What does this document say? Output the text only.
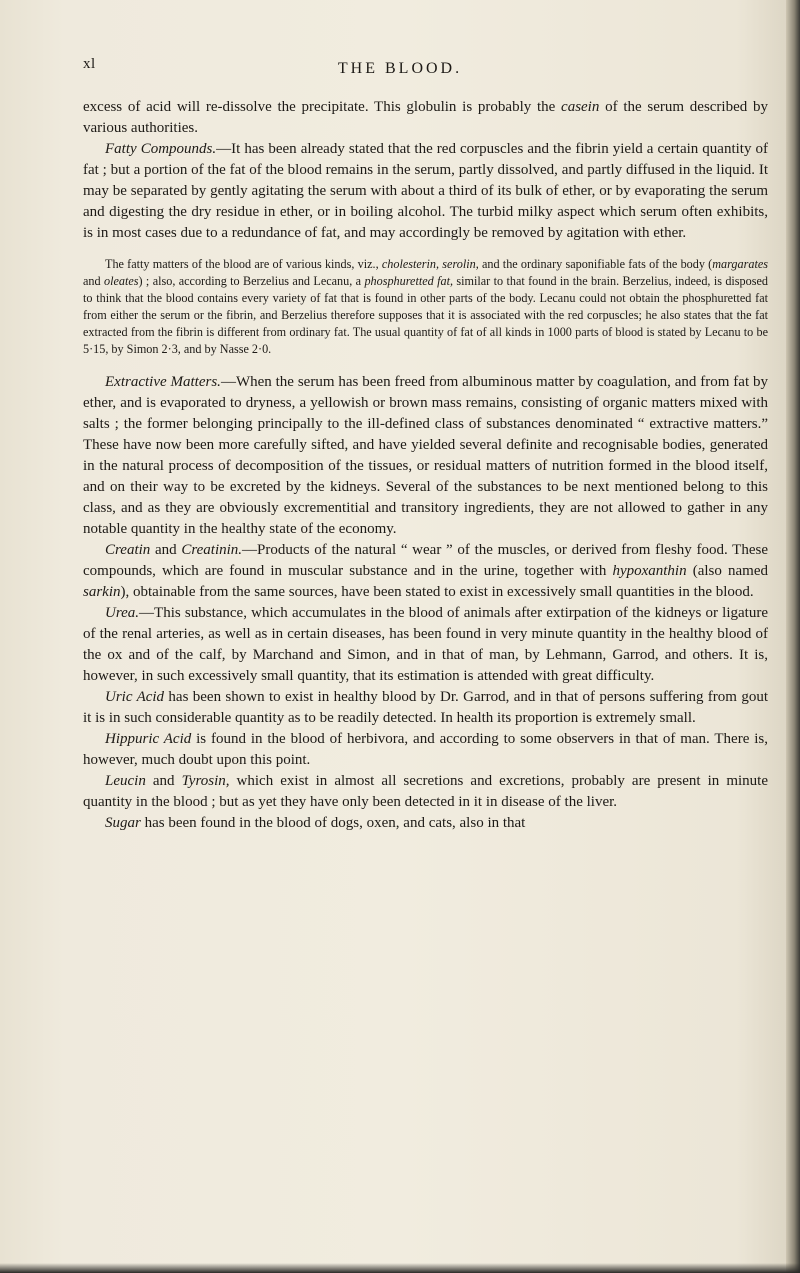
xl	THE BLOOD.

excess of acid will re-dissolve the precipitate. This globulin is probably the casein of the serum described by various authorities.

Fatty Compounds.—It has been already stated that the red corpuscles and the fibrin yield a certain quantity of fat ; but a portion of the fat of the blood remains in the serum, partly dissolved, and partly diffused in the liquid. It may be separated by gently agitating the serum with about a third of its bulk of ether, or by evaporating the serum and digesting the dry residue in ether, or in boiling alcohol. The turbid milky aspect which serum often exhibits, is in most cases due to a redundance of fat, and may accordingly be removed by agitation with ether.

The fatty matters of the blood are of various kinds, viz., cholesterin, serolin, and the ordinary saponifiable fats of the body (margarates and oleates) ; also, according to Berzelius and Lecanu, a phosphuretted fat, similar to that found in the brain. Berzelius, indeed, is disposed to think that the blood contains every variety of fat that is found in other parts of the body. Lecanu could not obtain the phosphuretted fat from either the serum or the fibrin, and Berzelius therefore supposes that it is associated with the red corpuscles; he also states that the fat extracted from the fibrin is different from ordinary fat. The usual quantity of fat of all kinds in 1000 parts of blood is stated by Lecanu to be 5·15, by Simon 2·3, and by Nasse 2·0.

Extractive Matters.—When the serum has been freed from albuminous matter by coagulation, and from fat by ether, and is evaporated to dryness, a yellowish or brown mass remains, consisting of organic matters mixed with salts ; the former belonging principally to the ill-defined class of substances denominated “ extractive matters.” These have now been more carefully sifted, and have yielded several definite and recognisable bodies, generated in the natural process of decomposition of the tissues, or residual matters of nutrition formed in the blood itself, and on their way to be excreted by the kidneys. Several of the substances to be next mentioned belong to this class, and as they are obviously excrementitial and transitory ingredients, they are not allowed to gather in any notable quantity in the healthy state of the economy.

Creatin and Creatinin.—Products of the natural “ wear ” of the muscles, or derived from fleshy food. These compounds, which are found in muscular substance and in the urine, together with hypoxanthin (also named sarkin), obtainable from the same sources, have been stated to exist in excessively small quantities in the blood.

Urea.—This substance, which accumulates in the blood of animals after extirpation of the kidneys or ligature of the renal arteries, as well as in certain diseases, has been found in very minute quantity in the healthy blood of the ox and of the calf, by Marchand and Simon, and in that of man, by Lehmann, Garrod, and others. It is, however, in such excessively small quantity, that its estimation is attended with great difficulty.

Uric Acid has been shown to exist in healthy blood by Dr. Garrod, and in that of persons suffering from gout it is in such considerable quantity as to be readily detected. In health its proportion is extremely small.

Hippuric Acid is found in the blood of herbivora, and according to some observers in that of man. There is, however, much doubt upon this point.

Leucin and Tyrosin, which exist in almost all secretions and excretions, probably are present in minute quantity in the blood ; but as yet they have only been detected in it in disease of the liver.

Sugar has been found in the blood of dogs, oxen, and cats, also in that
